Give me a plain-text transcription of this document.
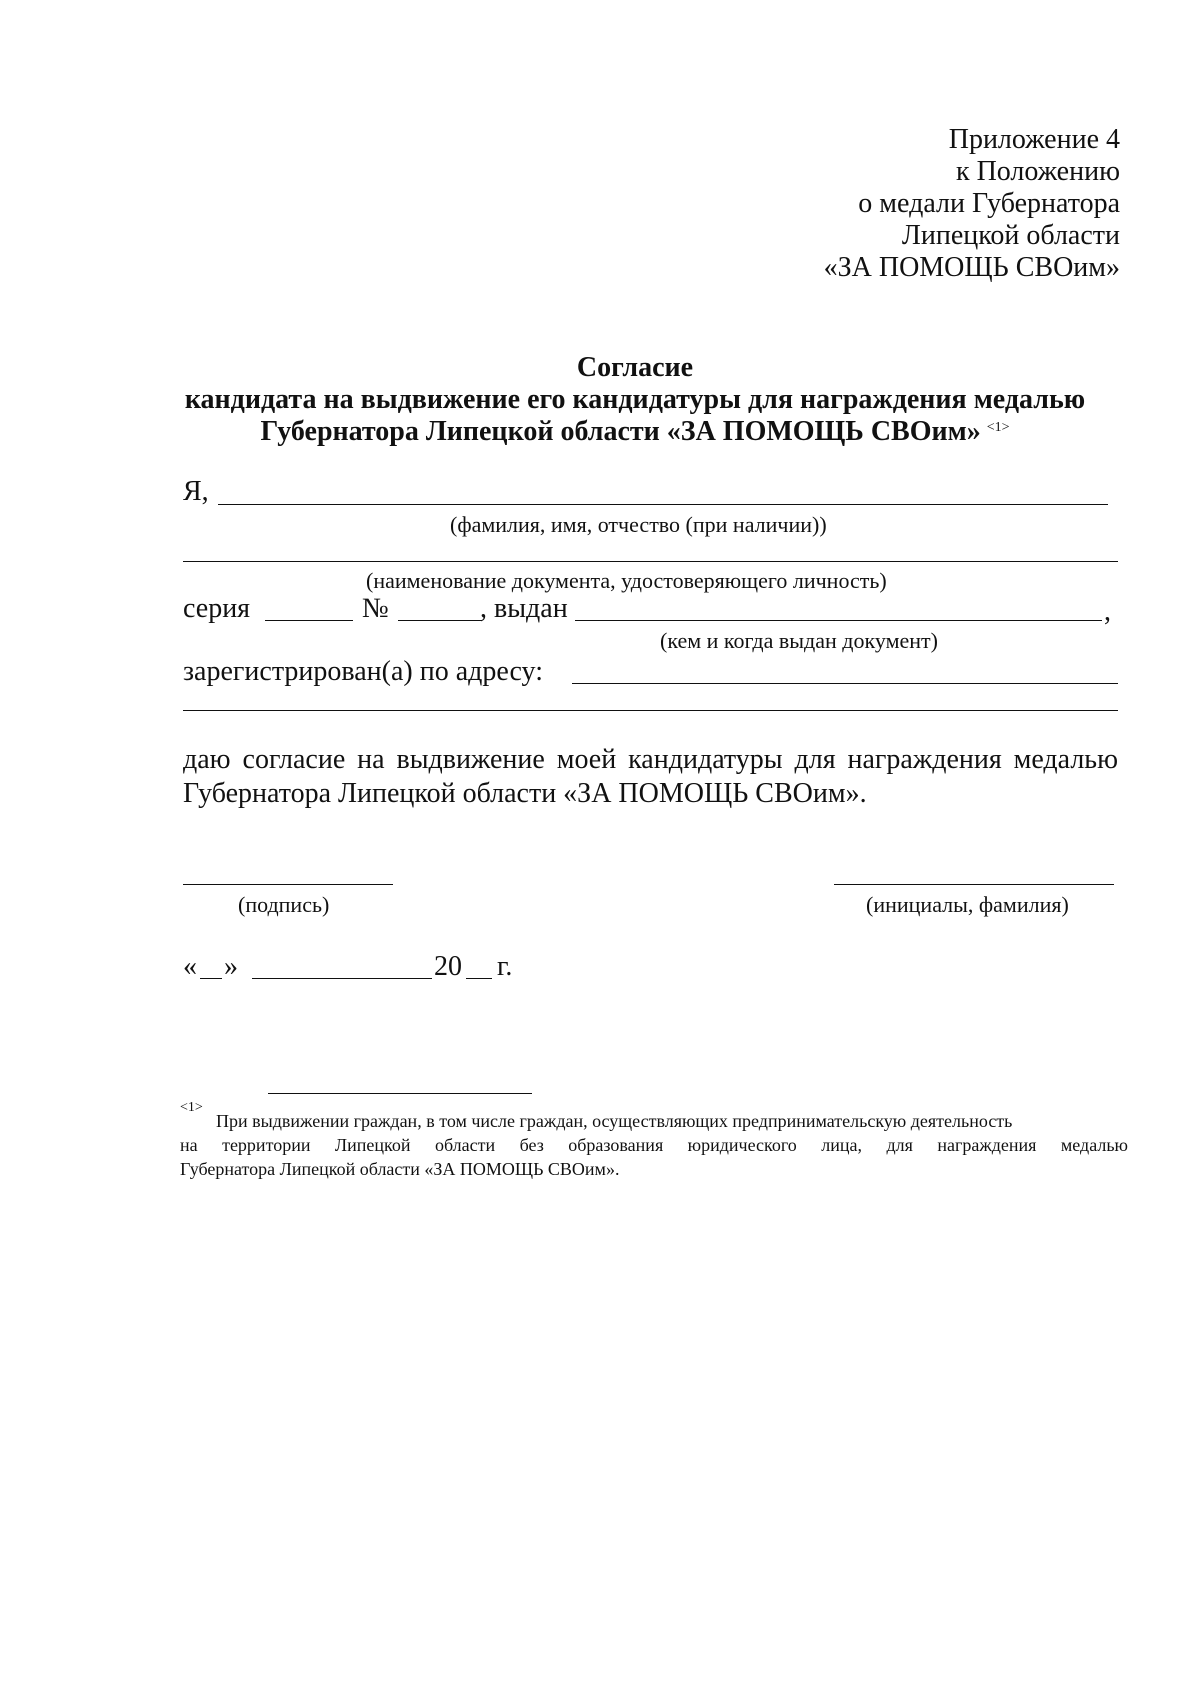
Приложение 4
к Положению
о медали Губернатора
Липецкой области
«ЗА ПОМОЩЬ СВОим»
Согласие
кандидата на выдвижение его кандидатуры для награждения медалью
Губернатора Липецкой области «ЗА ПОМОЩЬ СВОим» $^{<1>}$
Я,
(фамилия, имя, отчество (при наличии))
(наименование документа, удостоверяющего личность)
серия	№	, выдан	,
(кем и когда выдан документ)
зарегистрирован(а) по адресу:
даю согласие на выдвижение моей кандидатуры для награждения медалью
Губернатора Липецкой области «ЗА ПОМОЩЬ СВОим».
(подпись)	(инициалы, фамилия)
« »	20 г.
<1>
При выдвижении граждан, в том числе граждан, осуществляющих предпринимательскую деятельность
на территории Липецкой области без образования юридического лица, для награждения медалью
Губернатора Липецкой области «ЗА ПОМОЩЬ СВОим».
